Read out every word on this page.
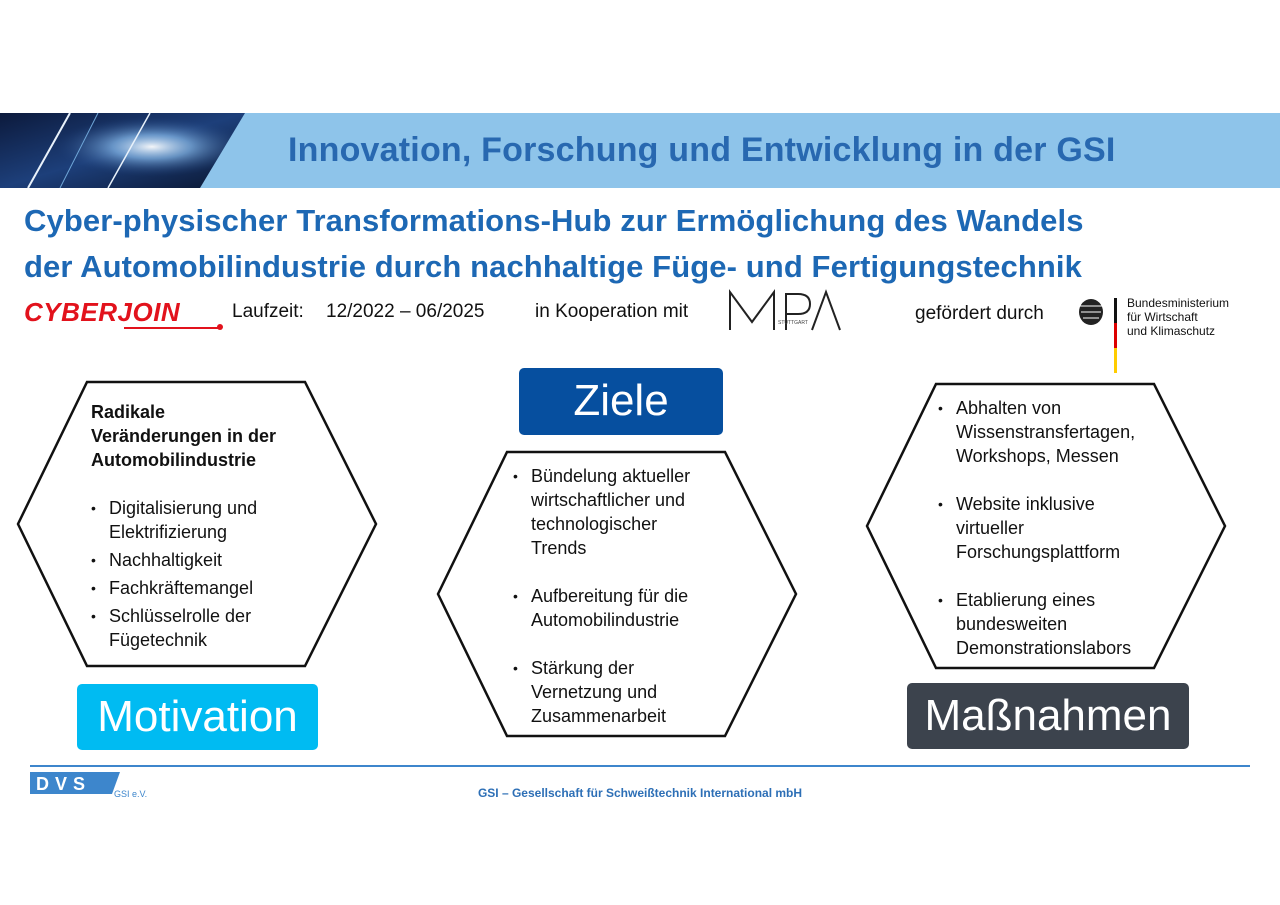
Innovation, Forschung und Entwicklung in der GSI
Cyber-physischer Transformations-Hub zur Ermöglichung des Wandels
der Automobilindustrie durch nachhaltige Füge- und Fertigungstechnik
CYBERJOIN	Laufzeit: 12/2022 – 06/2025	in Kooperation mit
STUTTGART	gefördert durch	Bundesministerium
für Wirtschaft
und Klimaschutz
Radikale
Veränderungen in der
Automobilindustrie
• Digitalisierung und
Elektrifizierung
• Nachhaltigkeit
• Fachkräftemangel
• Schlüsselrolle der
Fügetechnik
• Bündelung aktueller
wirtschaftlicher und
technologischer
Trends
• Aufbereitung für die
Automobilindustrie
• Stärkung der
Vernetzung und
Zusammenarbeit
• Abhalten von
Wissenstransfertagen,
Workshops, Messen
• Website inklusive
virtueller
Forschungsplattform
• Etablierung eines
bundesweiten
Demonstrationslabors
Ziele
Motivation	Maßnahmen
DVS	GSI e.V.	GSI – Gesellschaft für Schweißtechnik International mbH
